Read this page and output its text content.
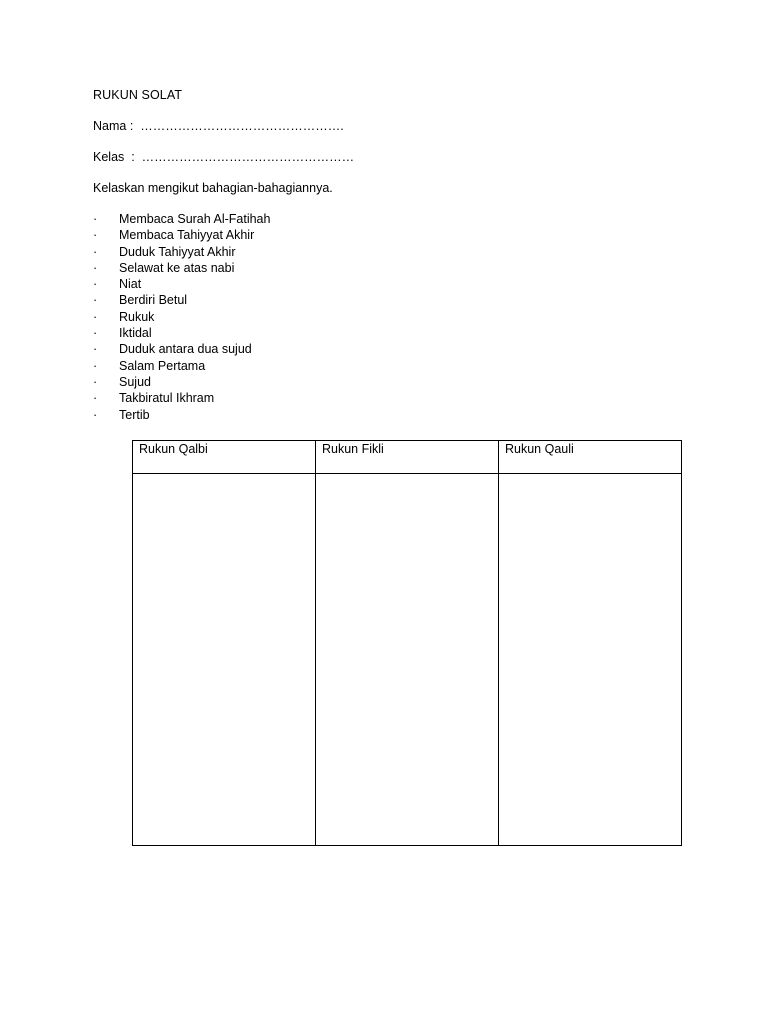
RUKUN SOLAT
Nama :  ………………………………………….
Kelas  :  ……………………………………………
Kelaskan mengikut bahagian-bahagiannya.
·	Membaca Surah Al-Fatihah
·	Membaca Tahiyyat Akhir
·	Duduk Tahiyyat Akhir
·	Selawat ke atas nabi
·	Niat
·	Berdiri Betul
·	Rukuk
·	Iktidal
·	Duduk antara dua sujud
·	Salam Pertama
·	Sujud
·	Takbiratul Ikhram
·	Tertib
Rukun Qalbi	Rukun Fikli	Rukun Qauli
